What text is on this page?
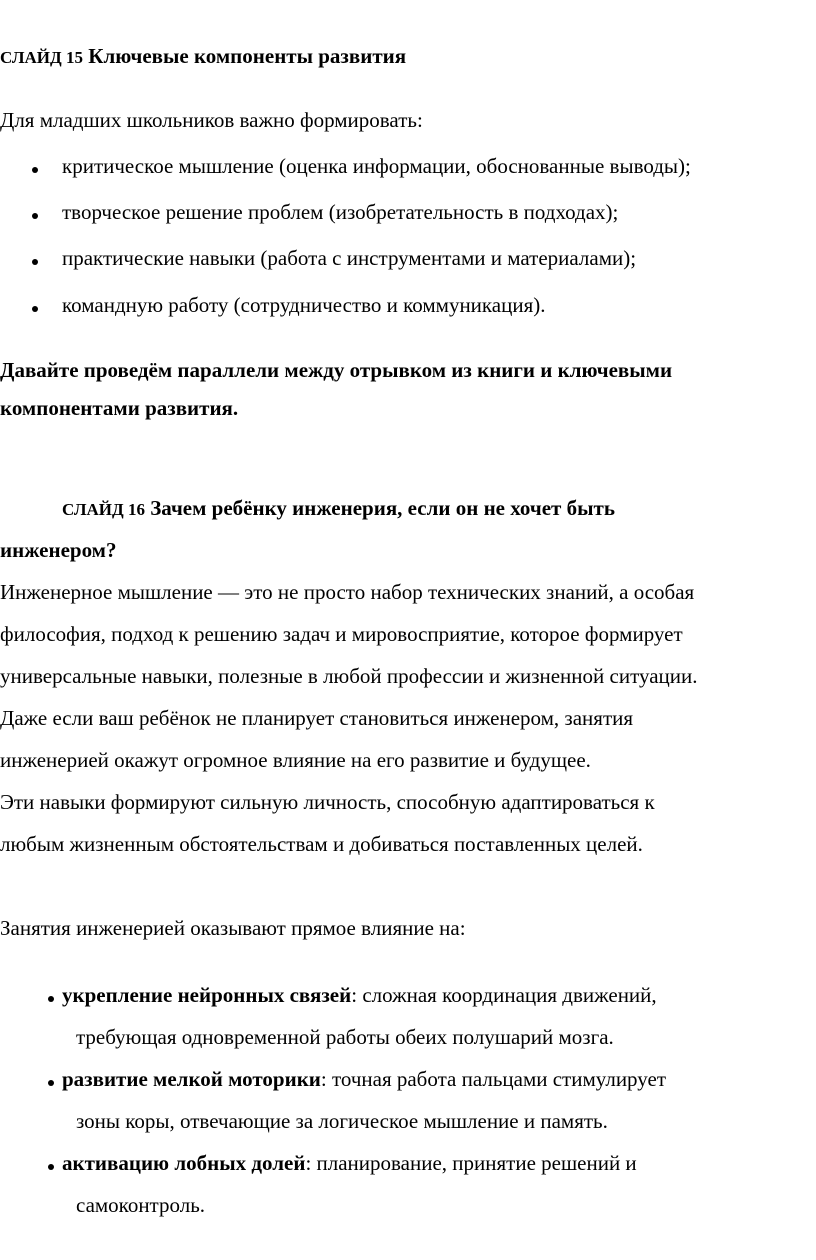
СЛАЙД 15 Ключевые компоненты развития
Для младших школьников важно формировать:
критическое мышление (оценка информации, обоснованные выводы);
творческое решение проблем (изобретательность в подходах);
практические навыки (работа с инструментами и материалами);
командную работу (сотрудничество и коммуникация).
Давайте проведём параллели между отрывком из книги и ключевыми
компонентами развития.
СЛАЙД 16 Зачем ребёнку инженерия, если он не хочет быть
инженером?
Инженерное мышление — это не просто набор технических знаний, а особая
философия, подход к решению задач и мировосприятие, которое формирует
универсальные навыки, полезные в любой профессии и жизненной ситуации.
Даже если ваш ребёнок не планирует становиться инженером, занятия
инженерией окажут огромное влияние на его развитие и будущее.
Эти навыки формируют сильную личность, способную адаптироваться к
любым жизненным обстоятельствам и добиваться поставленных целей.
Занятия инженерией оказывают прямое влияние на:
укрепление нейронных связей: сложная координация движений,
требующая одновременной работы обеих полушарий мозга.
развитие мелкой моторики: точная работа пальцами стимулирует
зоны коры, отвечающие за логическое мышление и память.
активацию лобных долей: планирование, принятие решений и
самоконтроль.
